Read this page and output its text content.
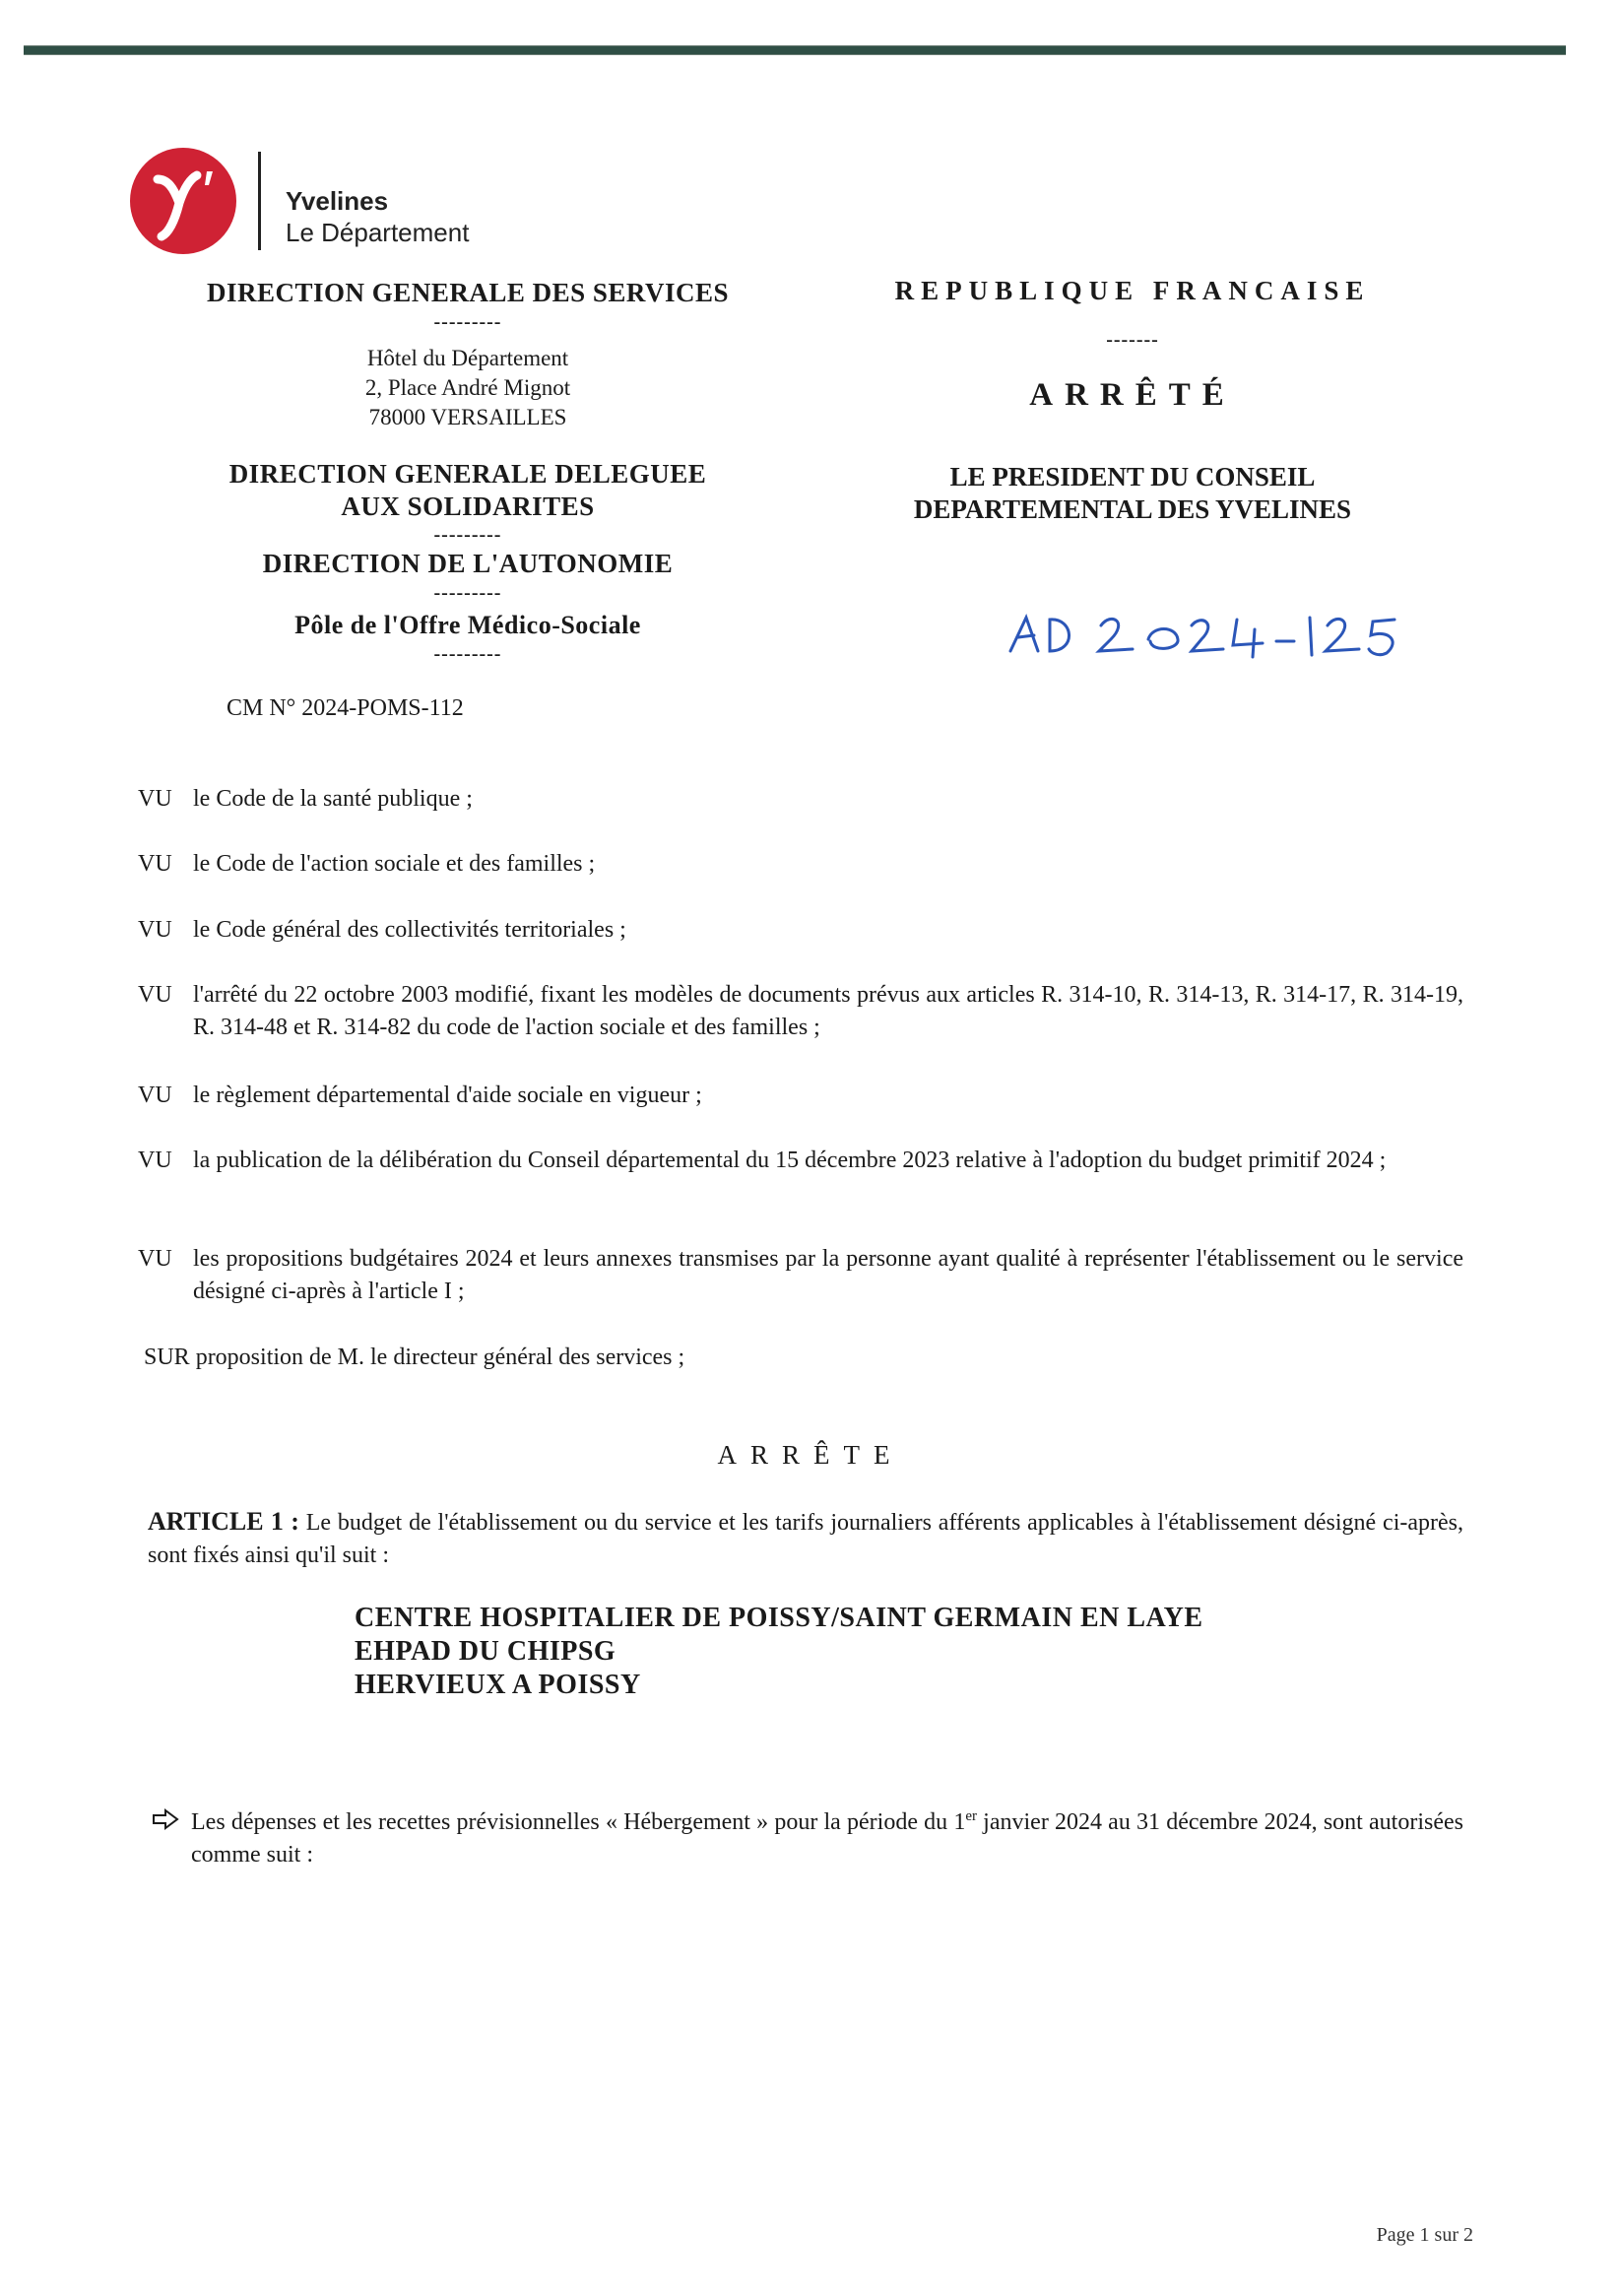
Yvelines
Le Département
DIRECTION GENERALE DES SERVICES
---------
Hôtel du Département
2, Place André Mignot
78000 VERSAILLES
DIRECTION GENERALE DELEGUEE
AUX SOLIDARITES
---------
DIRECTION DE L'AUTONOMIE
---------
Pôle de l'Offre Médico-Sociale
---------
CM N° 2024-POMS-112
REPUBLIQUE FRANCAISE
-------
ARRÊTÉ
LE PRESIDENT DU CONSEIL
DEPARTEMENTAL DES YVELINES
VU le Code de la santé publique ;
VU le Code de l'action sociale et des familles ;
VU le Code général des collectivités territoriales ;
VU l'arrêté du 22 octobre 2003 modifié, fixant les modèles de documents prévus aux articles R. 314-10, R. 314-13, R. 314-17, R. 314-19, R. 314-48 et R. 314-82 du code de l'action sociale et des familles ;
VU le règlement départemental d'aide sociale en vigueur ;
VU la publication de la délibération du Conseil départemental du 15 décembre 2023 relative à l'adoption du budget primitif 2024 ;
VU les propositions budgétaires 2024 et leurs annexes transmises par la personne ayant qualité à représenter l'établissement ou le service désigné ci-après à l'article I ;
SUR proposition de M. le directeur général des services ;
ARRÊTE
ARTICLE 1 : Le budget de l'établissement ou du service et les tarifs journaliers afférents applicables à l'établissement désigné ci-après, sont fixés ainsi qu'il suit :
CENTRE HOSPITALIER DE POISSY/SAINT GERMAIN EN LAYE
EHPAD DU CHIPSG
HERVIEUX A POISSY
Les dépenses et les recettes prévisionnelles « Hébergement » pour la période du 1er janvier 2024 au 31 décembre 2024, sont autorisées comme suit :
Page 1 sur 2
